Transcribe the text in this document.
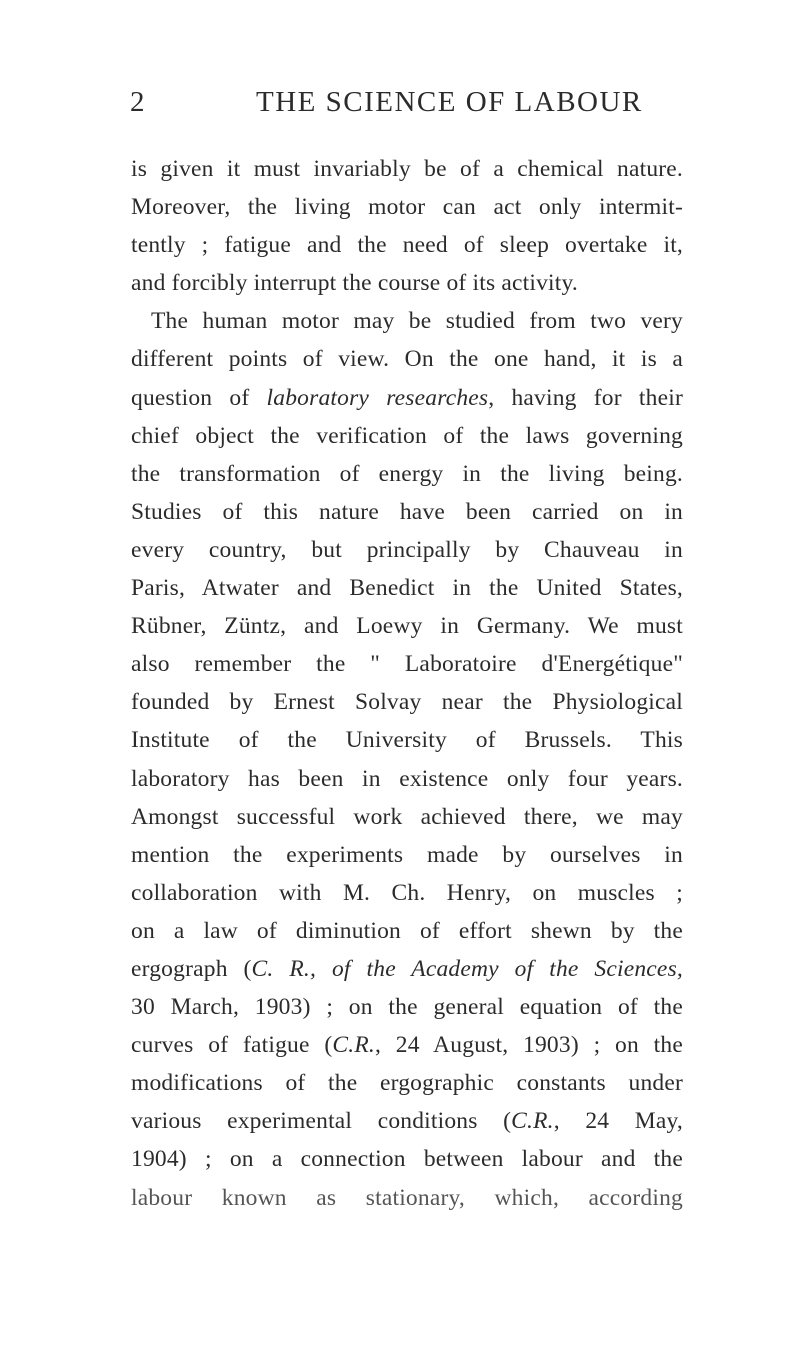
2	THE SCIENCE OF LABOUR
is given it must invariably be of a chemical nature.
Moreover, the living motor can act only intermit-
tently ; fatigue and the need of sleep overtake it,
and forcibly interrupt the course of its activity.
The human motor may be studied from two very
different points of view. On the one hand, it is a
question of laboratory researches, having for their
chief object the verification of the laws governing
the transformation of energy in the living being.
Studies of this nature have been carried on in
every country, but principally by Chauveau in
Paris, Atwater and Benedict in the United States,
Rübner, Züntz, and Loewy in Germany. We must
also remember the " Laboratoire d'Energétique"
founded by Ernest Solvay near the Physiological
Institute of the University of Brussels. This
laboratory has been in existence only four years.
Amongst successful work achieved there, we may
mention the experiments made by ourselves in
collaboration with M. Ch. Henry, on muscles ;
on a law of diminution of effort shewn by the
ergograph (C. R., of the Academy of the Sciences,
30 March, 1903) ; on the general equation of the
curves of fatigue (C.R., 24 August, 1903) ; on the
modifications of the ergographic constants under
various experimental conditions (C.R., 24 May,
1904) ; on a connection between labour and the
labour known as stationary, which, according
